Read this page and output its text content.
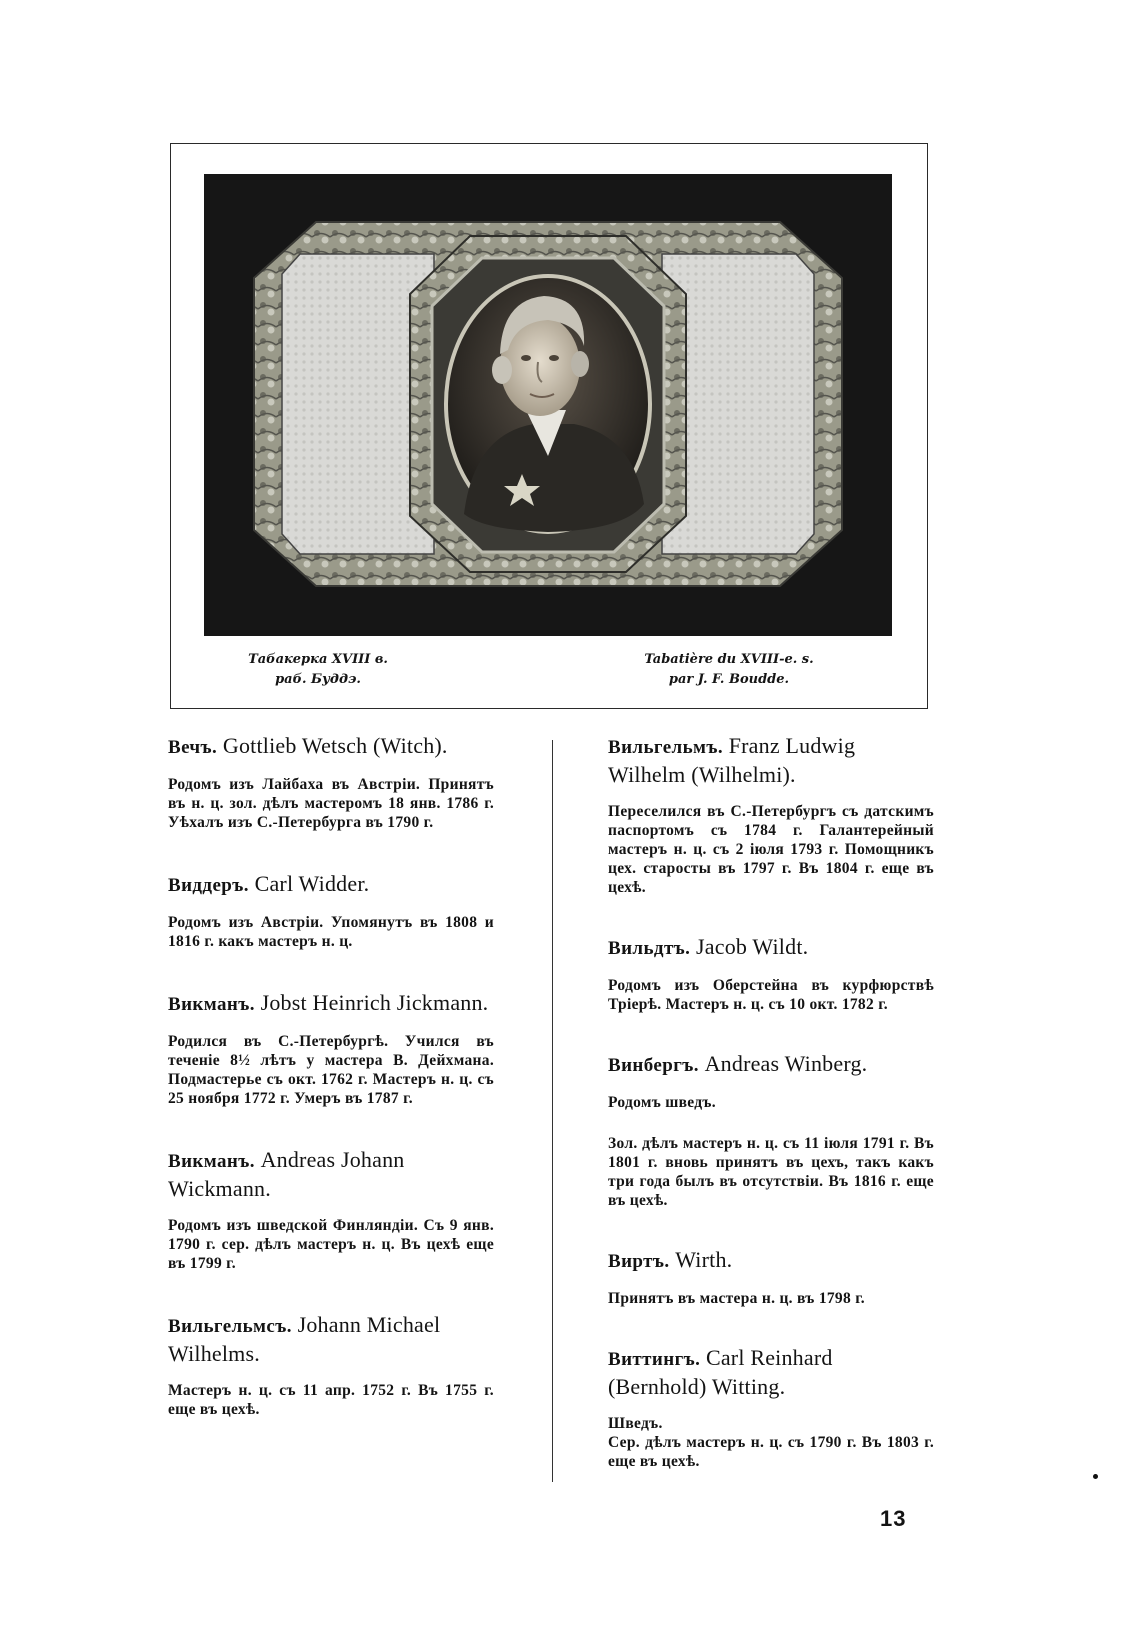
Табакерка XVIII в.
раб. Буддэ.
Tabatière du XVIII-e. s.
par J. F. Boudde.

Вечъ. Gottlieb Wetsch (Witch).

Родомъ изъ Лайбаха въ Австріи. Принятъ въ н. ц. зол. дѣлъ мастеромъ 18 янв. 1786 г. Уѣхалъ изъ С.-Петербурга въ 1790 г.

Виддеръ. Carl Widder.

Родомъ изъ Австріи. Упомянутъ въ 1808 и 1816 г. какъ мастеръ н. ц.

Викманъ. Jobst Heinrich Jickmann.

Родился въ С.-Петербургѣ. Учился въ теченіе 8½ лѣтъ у мастера В. Дейхмана. Подмастерье съ окт. 1762 г. Мастеръ н. ц. съ 25 ноября 1772 г. Умеръ въ 1787 г.

Викманъ. Andreas Johann Wickmann.

Родомъ изъ шведской Финляндіи. Съ 9 янв. 1790 г. сер. дѣлъ мастеръ н. ц. Въ цехѣ еще въ 1799 г.

Вильгельмсъ. Johann Michael Wilhelms.

Мастеръ н. ц. съ 11 апр. 1752 г. Въ 1755 г. еще въ цехѣ.

Вильгельмъ. Franz Ludwig Wilhelm (Wilhelmi).

Переселился въ С.-Петербургъ съ датскимъ паспортомъ съ 1784 г. Галантерейный мастеръ н. ц. съ 2 іюля 1793 г. Помощникъ цех. старосты въ 1797 г. Въ 1804 г. еще въ цехѣ.

Вильдтъ. Jacob Wildt.

Родомъ изъ Оберстейна въ курфюрствѣ Тріерѣ. Мастеръ н. ц. съ 10 окт. 1782 г.

Винбергъ. Andreas Winberg.

Родомъ шведъ.

Зол. дѣлъ мастеръ н. ц. съ 11 іюля 1791 г. Въ 1801 г. вновь принятъ въ цехъ, такъ какъ три года былъ въ отсутствіи. Въ 1816 г. еще въ цехѣ.

Виртъ. Wirth.

Принятъ въ мастера н. ц. въ 1798 г.

Виттингъ. Carl Reinhard (Bernhold) Witting.

Шведъ.

Сер. дѣлъ мастеръ н. ц. съ 1790 г. Въ 1803 г. еще въ цехѣ.

13
